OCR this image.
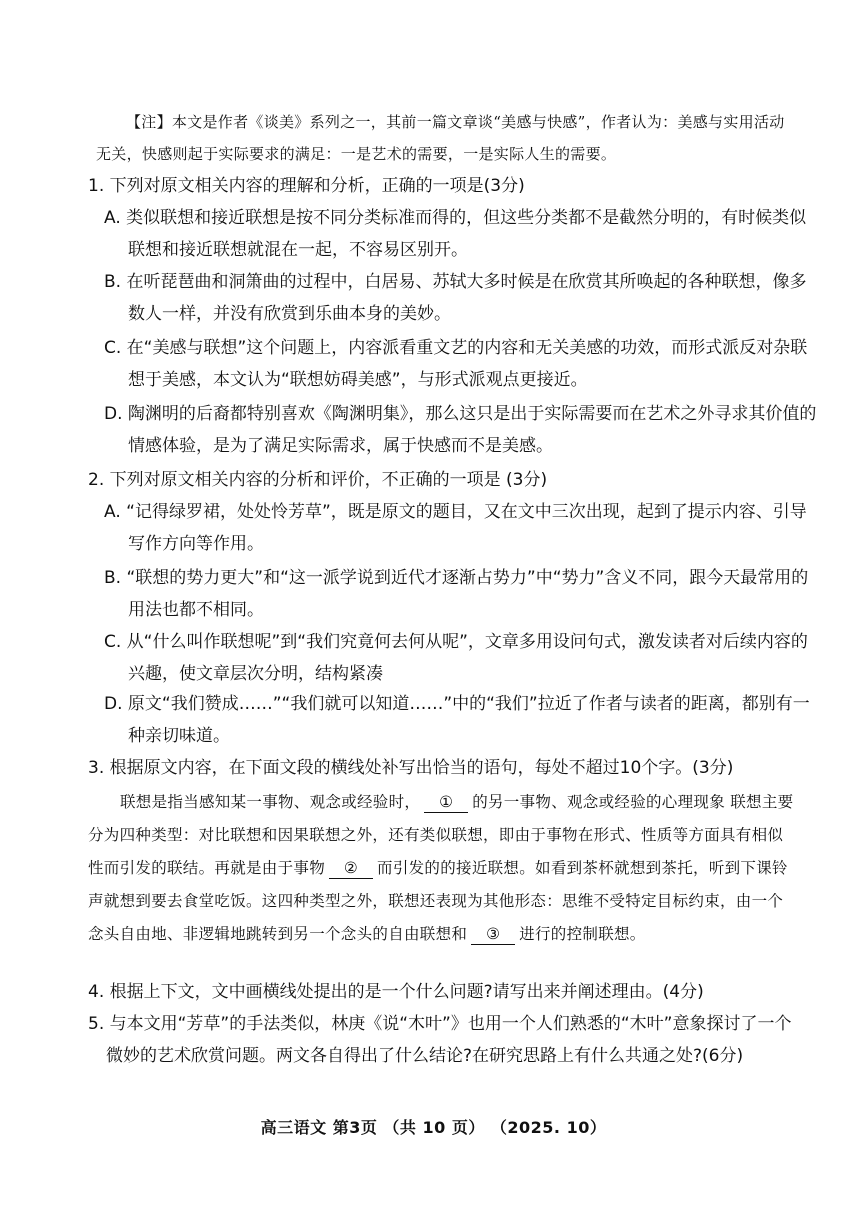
【注】本文是作者《谈美》系列之一，其前一篇文章谈“美感与快感”，作者认为：美感与实用活动无关，快感则起于实际要求的满足：一是艺术的需要，一是实际人生的需要。
1. 下列对原文相关内容的理解和分析，正确的一项是(3分)
A. 类似联想和接近联想是按不同分类标准而得的，但这些分类都不是截然分明的，有时候类似联想和接近联想就混在一起，不容易区别开。
B. 在听琵琶曲和洞箫曲的过程中，白居易、苏轼大多时候是在欣赏其所唤起的各种联想，像多数人一样，并没有欣赏到乐曲本身的美妙。
C. 在“美感与联想”这个问题上，内容派看重文艺的内容和无关美感的功效，而形式派反对杂联想于美感，本文认为“联想妨碍美感”，与形式派观点更接近。
D. 陶渊明的后裔都特别喜欢《陶渊明集》，那么这只是出于实际需要而在艺术之外寻求其价值的情感体验，是为了满足实际需求，属于快感而不是美感。
2. 下列对原文相关内容的分析和评价，不正确的一项是 (3分)
A. “记得绿罗裙，处处怜芳草”，既是原文的题目，又在文中三次出现，起到了提示内容、引导写作方向等作用。
B. “联想的势力更大”和“这一派学说到近代才逐渐占势力”中“势力”含义不同，跟今天最常用的用法也都不相同。
C. 从“什么叫作联想呢”到“我们究竟何去何从呢”，文章多用设问句式，激发读者对后续内容的兴趣，使文章层次分明，结构紧凑
D. 原文“我们赞成……”“我们就可以知道……”中的“我们”拉近了作者与读者的距离，都别有一种亲切味道。
3. 根据原文内容，在下面文段的横线处补写出恰当的语句，每处不超过10个字。(3分)
联想是指当感知某一事物、观念或经验时， ① 的另一事物、观念或经验的心理现象 联想主要分为四种类型：对比联想和因果联想之外，还有类似联想，即由于事物在形式、性质等方面具有相似性而引发的联结。再就是由于事物 ② 而引发的的接近联想。如看到茶杯就想到茶托，听到下课铃声就想到要去食堂吃饭。这四种类型之外，联想还表现为其他形态：思维不受特定目标约束，由一个念头自由地、非逻辑地跳转到另一个念头的自由联想和 ③ 进行的控制联想。
4. 根据上下文，文中画横线处提出的是一个什么问题?请写出来并阐述理由。(4分)
5. 与本文用“芳草”的手法类似，林庚《说“木叶”》也用一个人们熟悉的“木叶”意象探讨了一个微妙的艺术欣赏问题。两文各自得出了什么结论?在研究思路上有什么共通之处?(6分)
高三语文 第3页 （共 10 页） （2025. 10）
